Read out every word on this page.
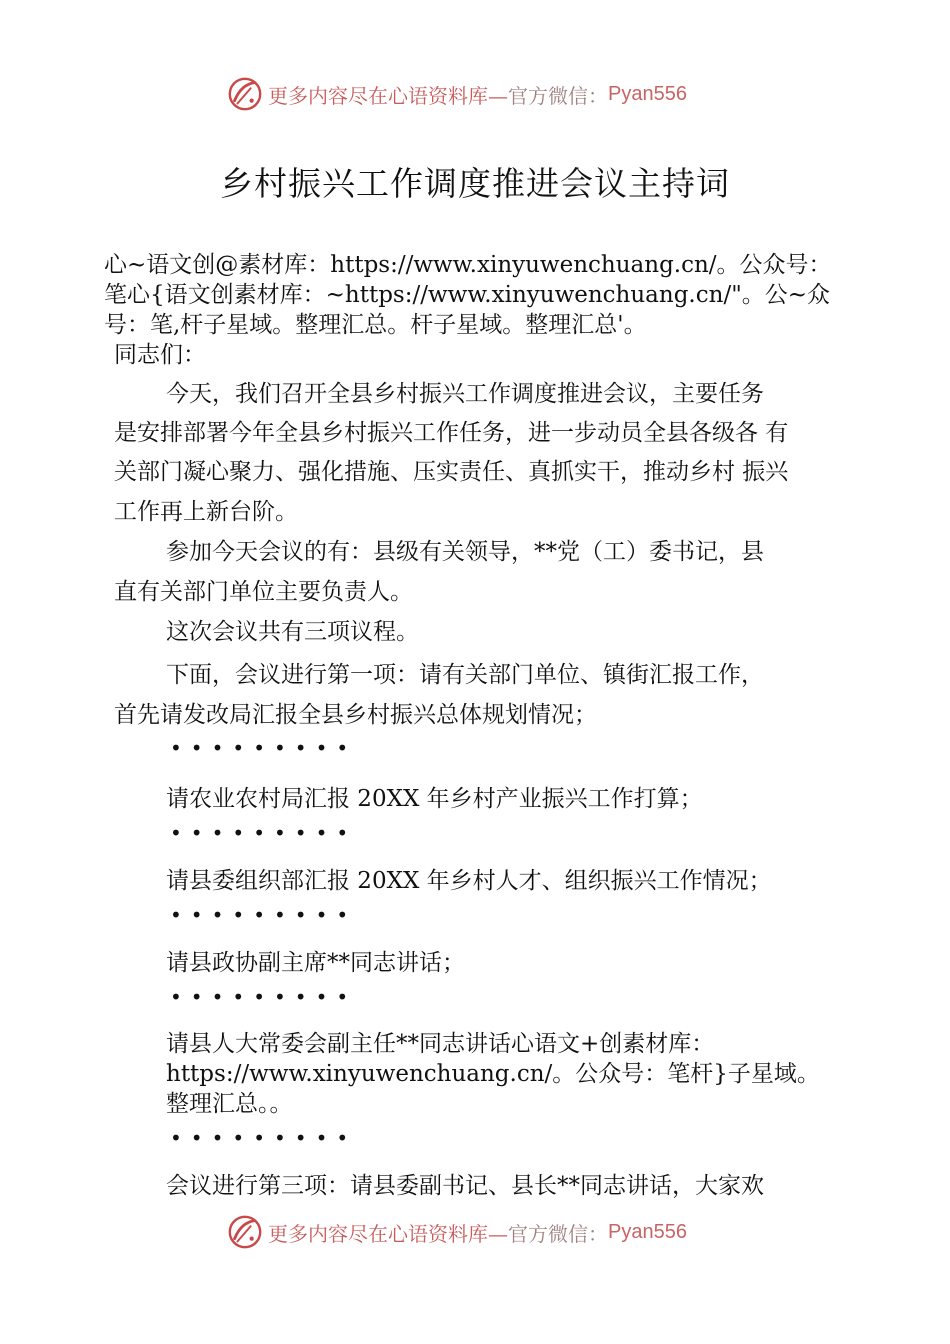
更多内容尽在心语资料库— 官方微信： Pyan556
乡村振兴工作调度推进会议主持词
心~语文创@素材库：https://www.xinyuwenchuang.cn/。公众号：
笔心{语文创素材库：~https://www.xinyuwenchuang.cn/"。公~众
号：笔,杆子星域。整理汇总。杆子星域。整理汇总'。
同志们：
今天，我们召开全县乡村振兴工作调度推进会议，主要任务
是安排部署今年全县乡村振兴工作任务，进一步动员全县各级各 有
关部门凝心聚力、强化措施、压实责任、真抓实干，推动乡村 振兴
工作再上新台阶。
参加今天会议的有：县级有关领导，**党（工）委书记，县
直有关部门单位主要负责人。
这次会议共有三项议程。
下面，会议进行第一项：请有关部门单位、镇街汇报工作，
首先请发改局汇报全县乡村振兴总体规划情况；
•••••••••
请农业农村局汇报 20XX 年乡村产业振兴工作打算；
•••••••••
请县委组织部汇报 20XX 年乡村人才、组织振兴工作情况；
•••••••••
请县政协副主席**同志讲话；
•••••••••
请县人大常委会副主任**同志讲话心语文+创素材库：
https://www.xinyuwenchuang.cn/。公众号：笔杆}子星域。
整理汇总。。
•••••••••
会议进行第三项：请县委副书记、县长**同志讲话，大家欢
更多内容尽在心语资料库— 官方微信： Pyan556
